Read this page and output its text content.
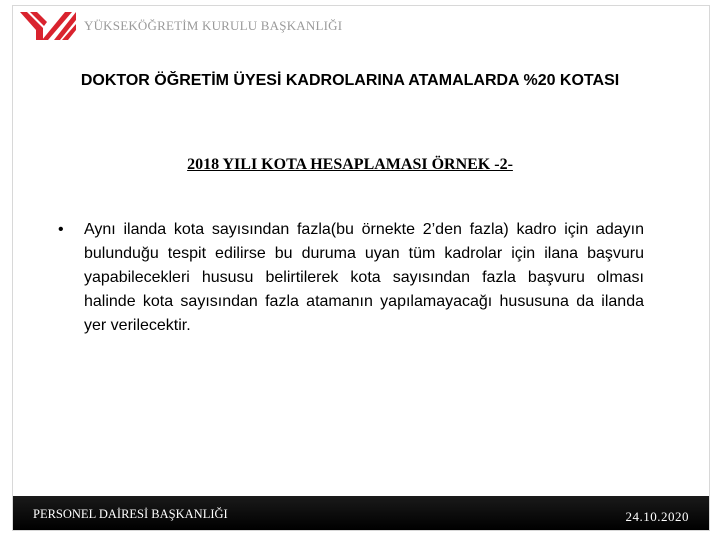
YÜKSEKÖĞRETİM KURULU BAŞKANLIĞI
DOKTOR ÖĞRETİM ÜYESİ KADROLARINA ATAMALARDA %20 KOTASI
2018 YILI KOTA HESAPLAMASI ÖRNEK -2-
• Aynı ilanda kota sayısından fazla(bu örnekte 2’den fazla) kadro için adayın bulunduğu tespit edilirse bu duruma uyan tüm kadrolar için ilana başvuru yapabilecekleri hususu belirtilerek kota sayısından fazla başvuru olması halinde kota sayısından fazla atamanın yapılamayacağı hususuna da ilanda yer verilecektir.
PERSONEL DAİRESİ BAŞKANLIĞI	24.10.2020
